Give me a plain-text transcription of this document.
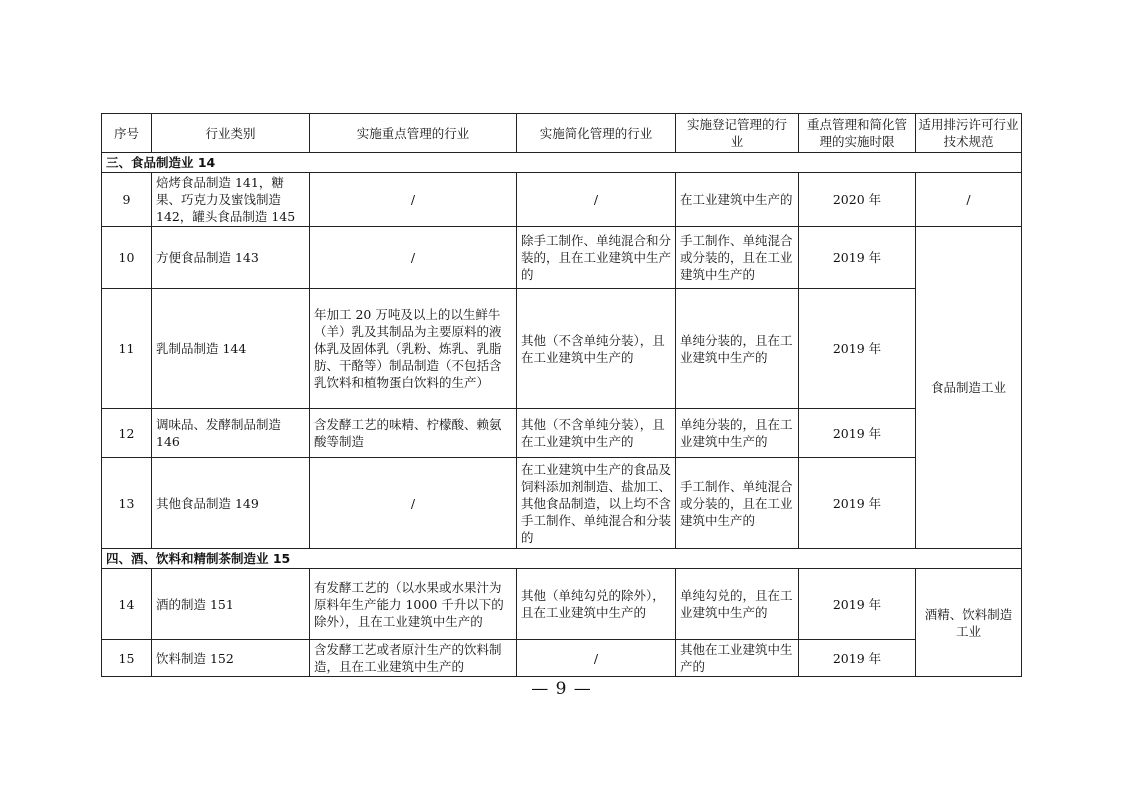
序号	行业类别	实施重点管理的行业	实施简化管理的行业	实施登记管理的行　　业	重点管理和简化管理的实施时限	适用排污许可行业技术规范
三、食品制造业 14						
9	焙烤食品制造 141，糖果、巧克力及蜜饯制造 142，罐头食品制造 145	/	/	在工业建筑中生产的	2020 年	/
10	方便食品制造 143	/	除手工制作、单纯混合和分装的，且在工业建筑中生产的	手工制作、单纯混合或分装的，且在工业建筑中生产的	2019 年	食品制造工业
11	乳制品制造 144	年加工 20 万吨及以上的以生鲜牛（羊）乳及其制品为主要原料的液体乳及固体乳（乳粉、炼乳、乳脂肪、干酪等）制品制造（不包括含乳饮料和植物蛋白饮料的生产）	其他（不含单纯分装），且在工业建筑中生产的	单纯分装的，且在工业建筑中生产的	2019 年	
12	调味品、发酵制品制造 146	含发酵工艺的味精、柠檬酸、赖氨酸等制造	其他（不含单纯分装），且在工业建筑中生产的	单纯分装的，且在工业建筑中生产的	2019 年	
13	其他食品制造 149	/	在工业建筑中生产的食品及饲料添加剂制造、盐加工、其他食品制造，以上均不含手工制作、单纯混合和分装的	手工制作、单纯混合或分装的，且在工业建筑中生产的	2019 年	
四、酒、饮料和精制茶制造业 15						
14	酒的制造 151	有发酵工艺的（以水果或水果汁为原料年生产能力 1000 千升以下的除外），且在工业建筑中生产的	其他（单纯勾兑的除外），且在工业建筑中生产的	单纯勾兑的，且在工业建筑中生产的	2019 年	酒精、饮料制造工业
15	饮料制造 152	含发酵工艺或者原汁生产的饮料制造，且在工业建筑中生产的	/	其他在工业建筑中生产的	2019 年	
— 9 —
